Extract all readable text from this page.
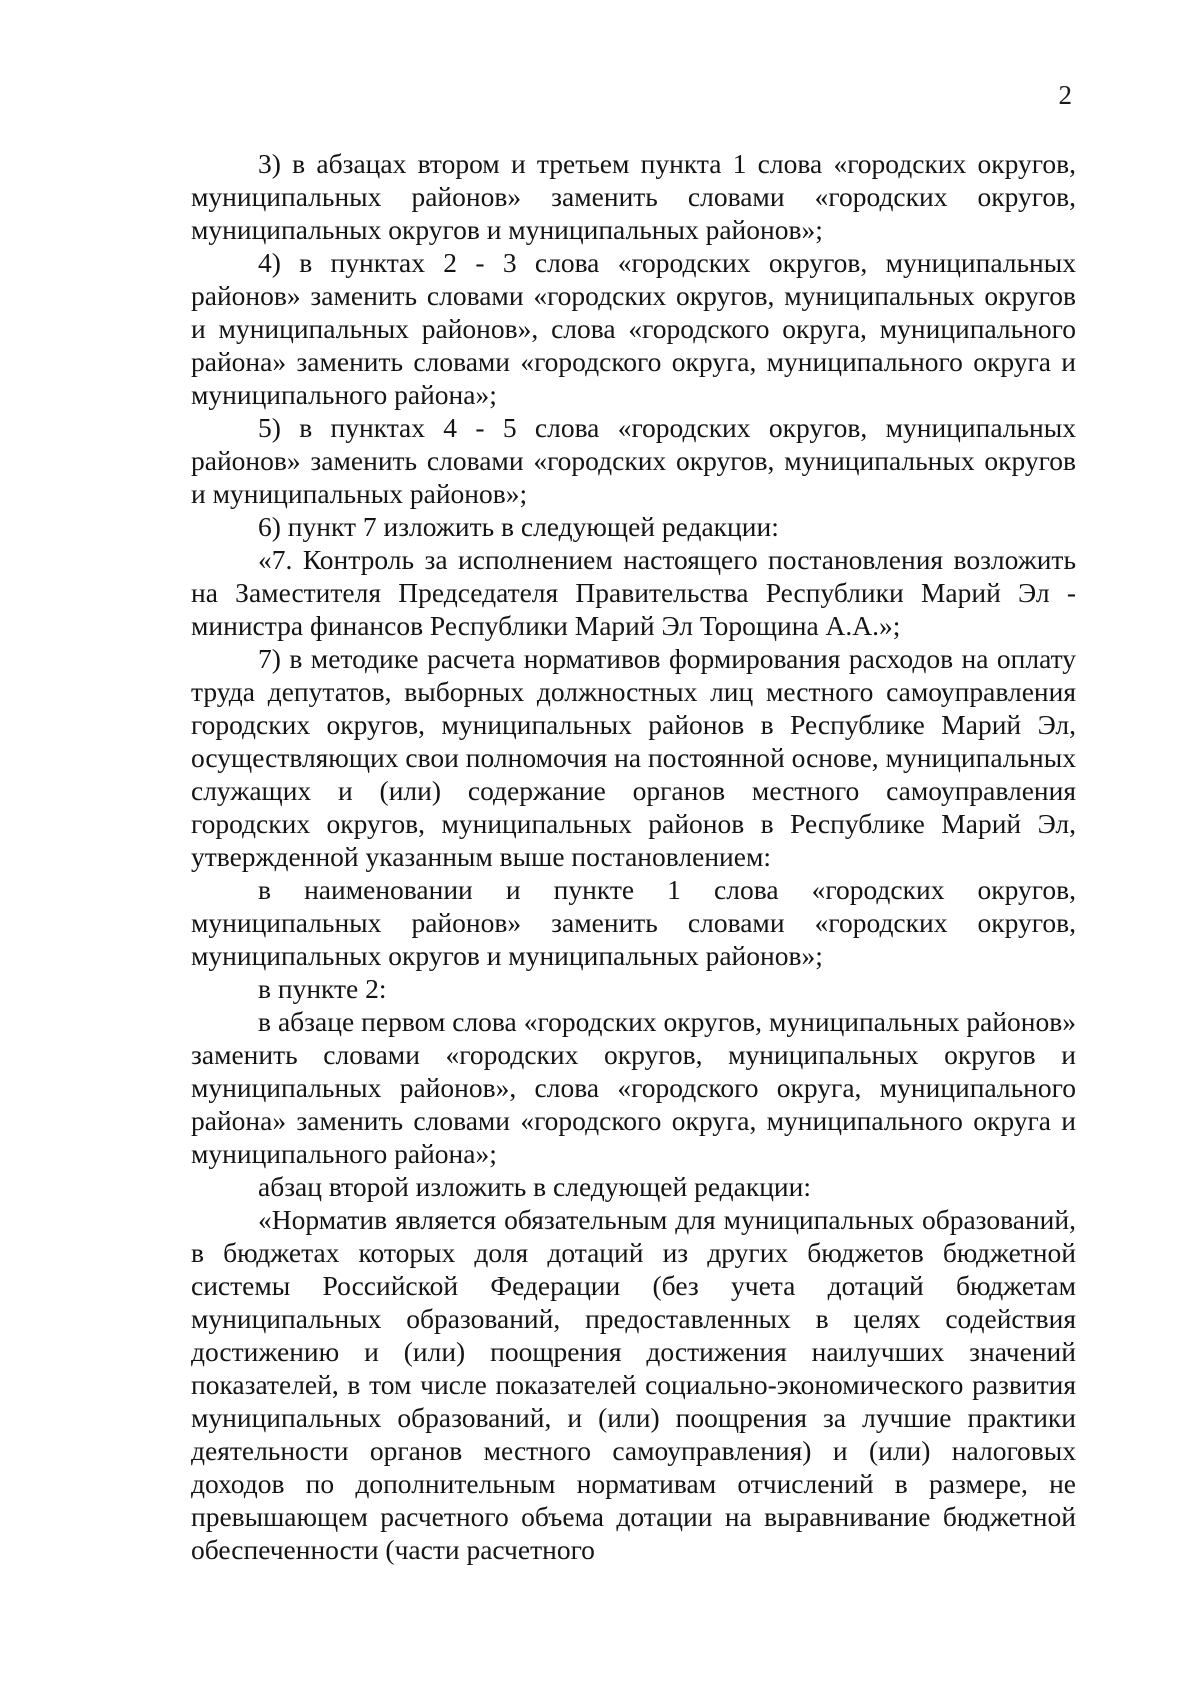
2

3) в абзацах втором и третьем пункта 1 слова «городских округов, муниципальных районов» заменить словами «городских округов, муниципальных округов и муниципальных районов»;

4) в пунктах 2 - 3 слова «городских округов, муниципальных районов» заменить словами «городских округов, муниципальных округов и муниципальных районов», слова «городского округа, муниципального района» заменить словами «городского округа, муниципального округа и муниципального района»;

5) в пунктах 4 - 5 слова «городских округов, муниципальных районов» заменить словами «городских округов, муниципальных округов и муниципальных районов»;

6) пункт 7 изложить в следующей редакции:

«7. Контроль за исполнением настоящего постановления возложить на Заместителя Председателя Правительства Республики Марий Эл - министра финансов Республики Марий Эл Торощина А.А.»;

7) в методике расчета нормативов формирования расходов на оплату труда депутатов, выборных должностных лиц местного самоуправления городских округов, муниципальных районов в Республике Марий Эл, осуществляющих свои полномочия на постоянной основе, муниципальных служащих и (или) содержание органов местного самоуправления городских округов, муниципальных районов в Республике Марий Эл, утвержденной указанным выше постановлением:

в наименовании и пункте 1 слова «городских округов, муниципальных районов» заменить словами «городских округов, муниципальных округов и муниципальных районов»;

в пункте 2:

в абзаце первом слова «городских округов, муниципальных районов» заменить словами «городских округов, муниципальных округов и муниципальных районов», слова «городского округа, муниципального района» заменить словами «городского округа, муниципального округа и муниципального района»;

абзац второй изложить в следующей редакции:

«Норматив является обязательным для муниципальных образований, в бюджетах которых доля дотаций из других бюджетов бюджетной системы Российской Федерации (без учета дотаций бюджетам муниципальных образований, предоставленных в целях содействия достижению и (или) поощрения достижения наилучших значений показателей, в том числе показателей социально-экономического развития муниципальных образований, и (или) поощрения за лучшие практики деятельности органов местного самоуправления) и (или) налоговых доходов по дополнительным нормативам отчислений в размере, не превышающем расчетного объема дотации на выравнивание бюджетной обеспеченности (части расчетного
